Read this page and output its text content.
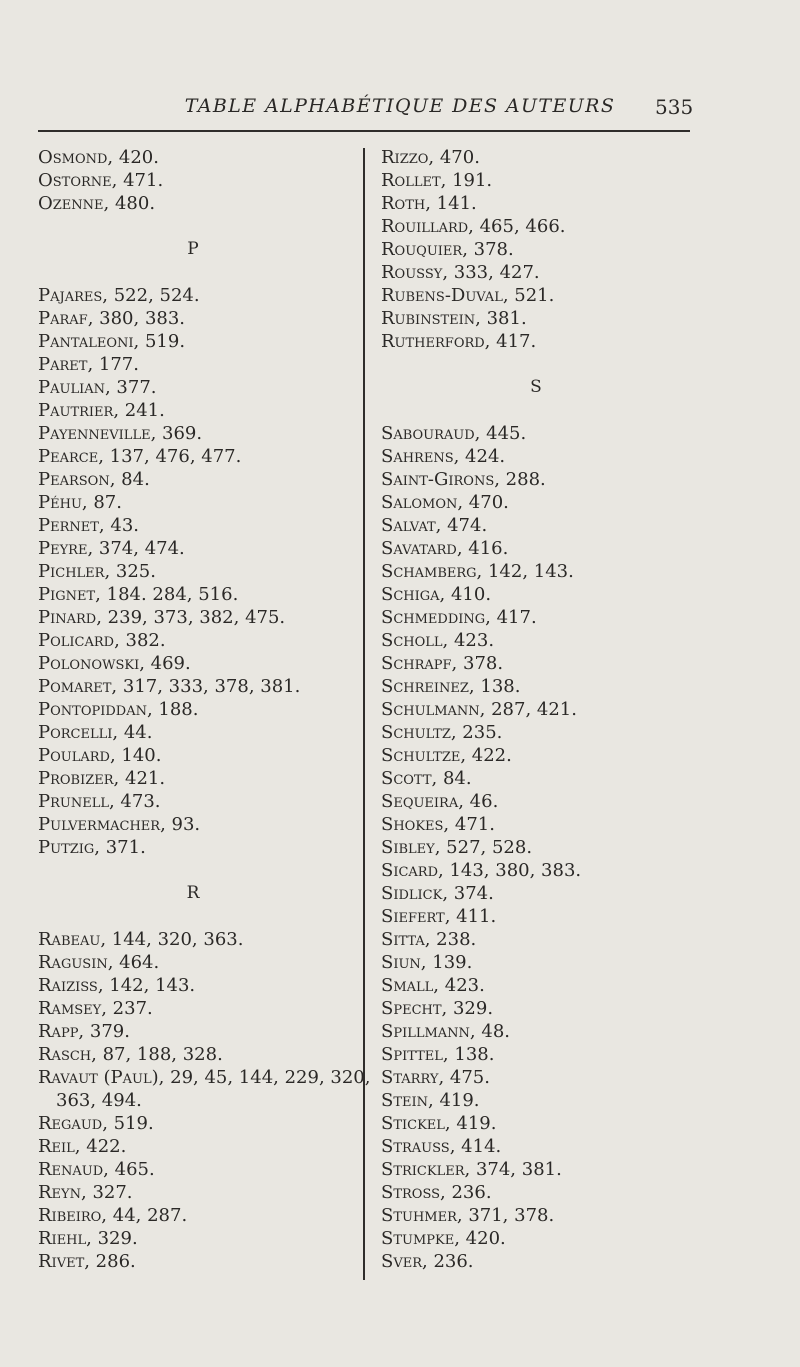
TABLE ALPHABÉTIQUE DES AUTEURS	535
Osmond, 420.
Ostorne, 471.
Ozenne, 480.
P
Pajares, 522, 524.
Paraf, 380, 383.
Pantaleoni, 519.
Paret, 177.
Paulian, 377.
Pautrier, 241.
Payenneville, 369.
Pearce, 137, 476, 477.
Pearson, 84.
Péhu, 87.
Pernet, 43.
Peyre, 374, 474.
Pichler, 325.
Pignet, 184. 284, 516.
Pinard, 239, 373, 382, 475.
Policard, 382.
Polonowski, 469.
Pomaret, 317, 333, 378, 381.
Pontopiddan, 188.
Porcelli, 44.
Poulard, 140.
Probizer, 421.
Prunell, 473.
Pulvermacher, 93.
Putzig, 371.
R
Rabeau, 144, 320, 363.
Ragusin, 464.
Raiziss, 142, 143.
Ramsey, 237.
Rapp, 379.
Rasch, 87, 188, 328.
Ravaut (Paul), 29, 45, 144, 229, 320,
363, 494.
Regaud, 519.
Reil, 422.
Renaud, 465.
Reyn, 327.
Ribeiro, 44, 287.
Riehl, 329.
Rivet, 286.
Rizzo, 470.
Rollet, 191.
Roth, 141.
Rouillard, 465, 466.
Rouquier, 378.
Roussy, 333, 427.
Rubens-Duval, 521.
Rubinstein, 381.
Rutherford, 417.
S
Sabouraud, 445.
Sahrens, 424.
Saint-Girons, 288.
Salomon, 470.
Salvat, 474.
Savatard, 416.
Schamberg, 142, 143.
Schiga, 410.
Schmedding, 417.
Scholl, 423.
Schrapf, 378.
Schreinez, 138.
Schulmann, 287, 421.
Schultz, 235.
Schultze, 422.
Scott, 84.
Sequeira, 46.
Shokes, 471.
Sibley, 527, 528.
Sicard, 143, 380, 383.
Sidlick, 374.
Siefert, 411.
Sitta, 238.
Siun, 139.
Small, 423.
Specht, 329.
Spillmann, 48.
Spittel, 138.
Starry, 475.
Stein, 419.
Stickel, 419.
Strauss, 414.
Strickler, 374, 381.
Stross, 236.
Stuhmer, 371, 378.
Stumpke, 420.
Sver, 236.
